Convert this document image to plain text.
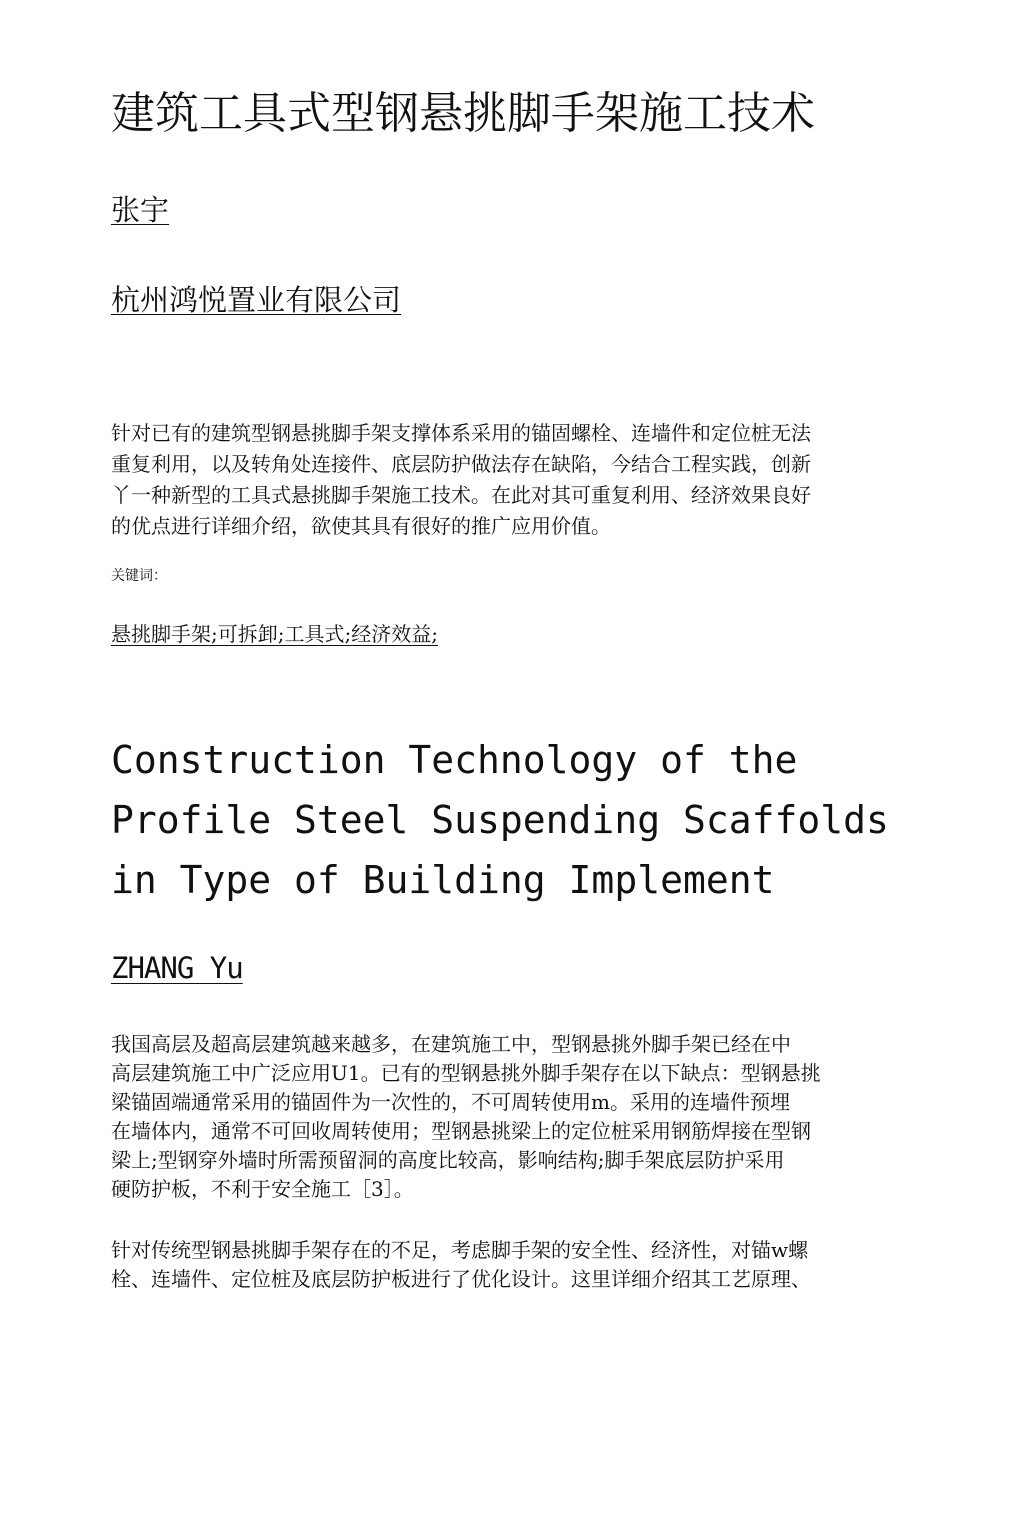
建筑工具式型钢悬挑脚手架施工技术
张宇
杭州鸿悦置业有限公司
针对已有的建筑型钢悬挑脚手架支撑体系采用的锚固螺栓、连墙件和定位桩无法
重复利用，以及转角处连接件、底层防护做法存在缺陷，今结合工程实践，创新
丫一种新型的工具式悬挑脚手架施工技术。在此对其可重复利用、经济效果良好
的优点进行详细介绍，欲使其具有很好的推广应用价值。
关键词：
悬挑脚手架;可拆卸;工具式;经济效益;
Construction Technology of the
Profile Steel Suspending Scaffolds
in Type of Building Implement
ZHANG Yu
我国高层及超高层建筑越来越多，在建筑施工中，型钢悬挑外脚手架已经在中
高层建筑施工中广泛应用U1。已有的型钢悬挑外脚手架存在以下缺点：型钢悬挑
梁锚固端通常采用的锚固件为一次性的，不可周转使用m。采用的连墙件预埋
在墙体内，通常不可回收周转使用；型钢悬挑梁上的定位桩采用钢筋焊接在型钢
梁上;型钢穿外墙时所需预留洞的高度比较高，影响结构;脚手架底层防护采用
硬防护板，不利于安全施工［3］。
针对传统型钢悬挑脚手架存在的不足，考虑脚手架的安全性、经济性，对锚w螺
栓、连墙件、定位桩及底层防护板进行了优化设计。这里详细介绍其工艺原理、
